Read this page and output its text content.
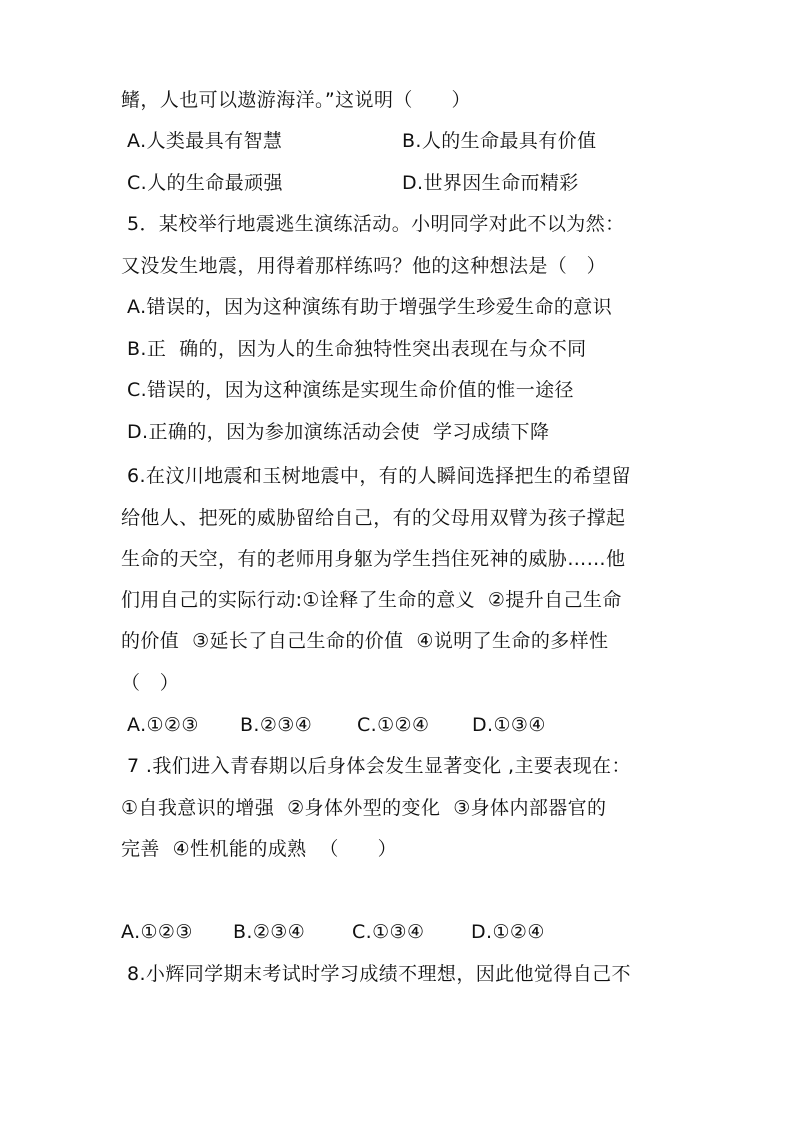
鳍，人也可以遨游海洋。”这说明（　　）
A.人类最具有智慧	B.人的生命最具有价值
C.人的生命最顽强	D.世界因生命而精彩
5．某校举行地震逃生演练活动。小明同学对此不以为然：
又没发生地震，用得着那样练吗？他的这种想法是（　）
A.错误的，因为这种演练有助于增强学生珍爱生命的意识
B.正  确的，因为人的生命独特性突出表现在与众不同
C.错误的，因为这种演练是实现生命价值的惟一途径
D.正确的，因为参加演练活动会使  学习成绩下降
6.在汶川地震和玉树地震中，有的人瞬间选择把生的希望留
给他人、把死的威胁留给自己，有的父母用双臂为孩子撑起
生命的天空，有的老师用身躯为学生挡住死神的威胁……他
们用自己的实际行动:①诠释了生命的意义  ②提升自己生命
的价值  ③延长了自己生命的价值  ④说明了生命的多样性
（　）
A.①②③ B.②③④ C.①②④ D.①③④
7 .我们进入青春期以后身体会发生显著变化 ,主要表现在：
①自我意识的增强  ②身体外型的变化  ③身体内部器官的
完善  ④性机能的成熟  （　　）
A.①②③ B.②③④ C.①③④ D.①②④
8.小辉同学期末考试时学习成绩不理想，因此他觉得自己不
